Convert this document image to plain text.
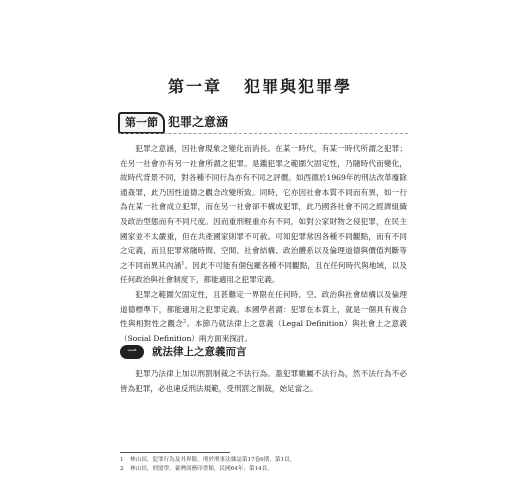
第一章 犯罪與犯罪學
第一節 犯罪之意涵

犯罪之意涵，因社會現象之變化而消長。在某一時代，有某一時代所謂之犯罪；在另一社會亦有另一社會所謂之犯罪。是鑑犯罪之範圍欠固定性，乃隨時代而變化，故時代背景不同，對各種不同行為亦有不同之評價。如西德於1969年的刑法改革廢除通姦罪，此乃因性道德之觀念改變所致。同時，它亦因社會本質不同而有異，如一行為在某一社會成立犯罪，而在另一社會卻不構成犯罪，此乃國各社會不同之經濟組織及政治型態而有不同尺度。因而重刑輕重亦有不同，如對公家財物之侵犯罪，在民主國家並不太嚴重，但在共產國家則罪不可赦。可知犯罪常因各種不同觀點，而有不同之定義，而且犯罪常隨時間、空間、社會結構、政治體系以及倫理道德與價值判斷等之不同而異其內涵$^1$。因此不可能有個包羅各種不同觀點，且在任何時代與地域，以及任何政治與社會制度下，都能適用之犯罪定義。

犯罪之範圍欠固定性，且甚難定一界限在任何時、空、政治與社會結構以及倫理道德標準下，都能適用之犯罪定義。本國學者謂：犯罪在本質上，就是一個具有複合性與相對性之觀念$^2$。本節乃就法律上之意義（Legal Definition）與社會上之意義（Social Definition）兩方面來探討。

一	就法律上之意義而言

犯罪乃法律上加以刑罰制裁之不法行為。蓋犯罪雖屬不法行為，然不法行為不必皆為犯罪，必也違反刑法規範，受刑罰之制裁，始足當之。

1 林山田，犯罪行為及其界限，刑於刑事法雜誌第17卷6期，第1頁。
2 林山田，刑罰學，臺灣商務印書館，民國64年，第14頁。
